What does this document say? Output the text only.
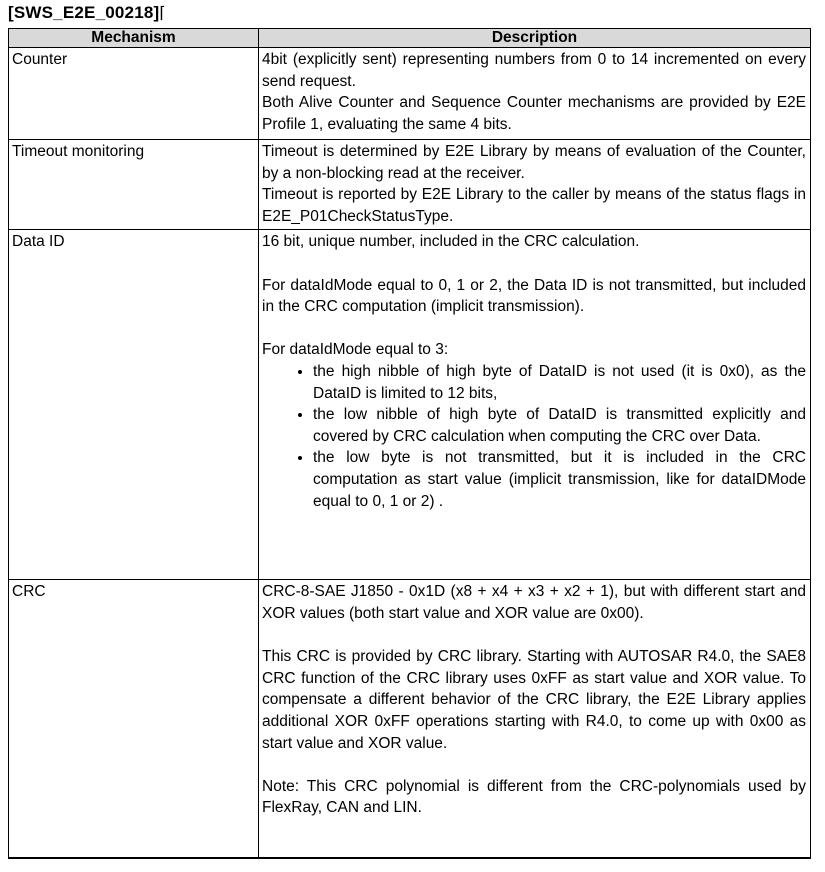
[SWS_E2E_00218]⌈

Mechanism	Description
Counter	4bit (explicitly sent) representing numbers from 0 to 14 incremented on every send request.

Both Alive Counter and Sequence Counter mechanisms are provided by E2E Profile 1, evaluating the same 4 bits.

Timeout monitoring	Timeout is determined by E2E Library by means of evaluation of the Counter, by a non-blocking read at the receiver.

Timeout is reported by E2E Library to the caller by means of the status flags in E2E_P01CheckStatusType.

Data ID	16 bit, unique number, included in the CRC calculation.

For dataIdMode equal to 0, 1 or 2, the Data ID is not transmitted, but included in the CRC computation (implicit transmission).

For dataIdMode equal to 3:

• the high nibble of high byte of DataID is not used (it is 0x0), as the DataID is limited to 12 bits,
• the low nibble of high byte of DataID is transmitted explicitly and covered by CRC calculation when computing the CRC over Data.
• the low byte is not transmitted, but it is included in the CRC computation as start value (implicit transmission, like for dataIDMode equal to 0, 1 or 2) .

CRC	CRC-8-SAE J1850 - 0x1D (x8 + x4 + x3 + x2 + 1), but with different start and XOR values (both start value and XOR value are 0x00).

This CRC is provided by CRC library. Starting with AUTOSAR R4.0, the SAE8 CRC function of the CRC library uses 0xFF as start value and XOR value. To compensate a different behavior of the CRC library, the E2E Library applies additional XOR 0xFF operations starting with R4.0, to come up with 0x00 as start value and XOR value.

Note: This CRC polynomial is different from the CRC-polynomials used by FlexRay, CAN and LIN.
